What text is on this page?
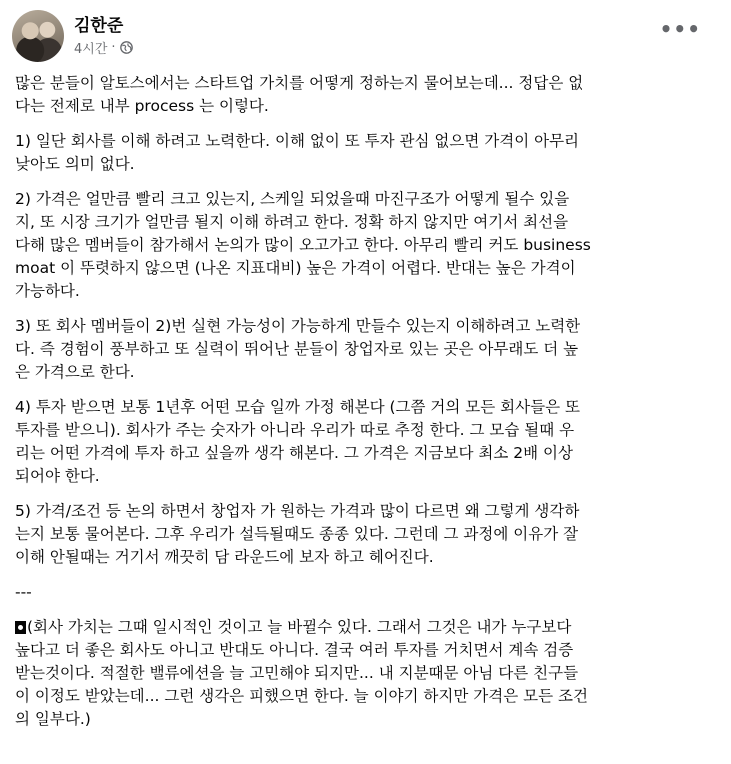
김한준
4시간 ·
•••

많은 분들이 알토스에서는 스타트업 가치를 어떻게 정하는지 물어보는데... 정답은 없
다는 전제로 내부 process 는 이렇다.

1) 일단 회사를 이해 하려고 노력한다. 이해 없이 또 투자 관심 없으면 가격이 아무리
낮아도 의미 없다.

2) 가격은 얼만큼 빨리 크고 있는지, 스케일 되었을때 마진구조가 어떻게 될수 있을
지, 또 시장 크기가 얼만큼 될지 이해 하려고 한다. 정확 하지 않지만 여기서 최선을
다해 많은 멤버들이 참가해서 논의가 많이 오고가고 한다. 아무리 빨리 커도 business
moat 이 뚜렷하지 않으면 (나온 지표대비) 높은 가격이 어렵다. 반대는 높은 가격이
가능하다.

3) 또 회사 멤버들이 2)번 실현 가능성이 가능하게 만들수 있는지 이해하려고 노력한
다. 즉 경험이 풍부하고 또 실력이 뛰어난 분들이 창업자로 있는 곳은 아무래도 더 높
은 가격으로 한다.

4) 투자 받으면 보통 1년후 어떤 모습 일까 가정 해본다 (그쯤 거의 모든 회사들은 또
투자를 받으니). 회사가 주는 숫자가 아니라 우리가 따로 추정 한다. 그 모습 될때 우
리는 어떤 가격에 투자 하고 싶을까 생각 해본다. 그 가격은 지금보다 최소 2배 이상
되어야 한다.

5) 가격/조건 등 논의 하면서 창업자 가 원하는 가격과 많이 다르면 왜 그렇게 생각하
는지 보통 물어본다. 그후 우리가 설득될때도 종종 있다. 그런데 그 과정에 이유가 잘
이해 안될때는 거기서 깨끗히 담 라운드에 보자 하고 헤어진다.

---

(회사 가치는 그때 일시적인 것이고 늘 바뀔수 있다. 그래서 그것은 내가 누구보다
높다고 더 좋은 회사도 아니고 반대도 아니다. 결국 여러 투자를 거치면서 계속 검증
받는것이다. 적절한 밸류에션을 늘 고민해야 되지만... 내 지분때문 아님 다른 친구들
이 이정도 받았는데... 그런 생각은 피했으면 한다. 늘 이야기 하지만 가격은 모든 조건
의 일부다.)
